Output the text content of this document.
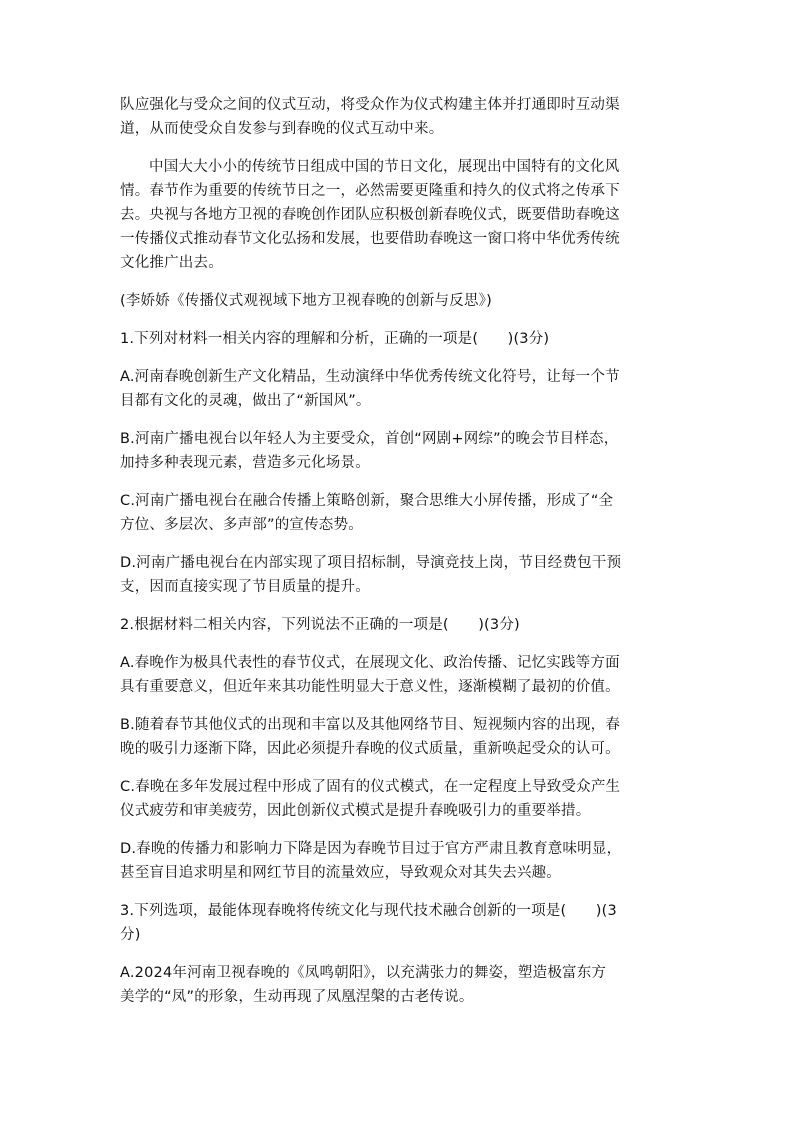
队应强化与受众之间的仪式互动，将受众作为仪式构建主体并打通即时互动渠
道，从而使受众自发参与到春晚的仪式互动中来。

中国大大小小的传统节日组成中国的节日文化，展现出中国特有的文化风
情。春节作为重要的传统节日之一，必然需要更隆重和持久的仪式将之传承下
去。央视与各地方卫视的春晚创作团队应积极创新春晚仪式，既要借助春晚这
一传播仪式推动春节文化弘扬和发展，也要借助春晚这一窗口将中华优秀传统
文化推广出去。

(李娇娇《传播仪式观视域下地方卫视春晚的创新与反思》)

1.下列对材料一相关内容的理解和分析，正确的一项是(　　)(3分)

A.河南春晚创新生产文化精品，生动演绎中华优秀传统文化符号，让每一个节
目都有文化的灵魂，做出了“新国风”。

B.河南广播电视台以年轻人为主要受众，首创“网剧+网综”的晚会节目样态，
加持多种表现元素，营造多元化场景。

C.河南广播电视台在融合传播上策略创新，聚合思维大小屏传播，形成了“全
方位、多层次、多声部”的宣传态势。

D.河南广播电视台在内部实现了项目招标制，导演竞技上岗，节目经费包干预
支，因而直接实现了节目质量的提升。

2.根据材料二相关内容，下列说法不正确的一项是(　　)(3分)

A.春晚作为极具代表性的春节仪式，在展现文化、政治传播、记忆实践等方面
具有重要意义，但近年来其功能性明显大于意义性，逐渐模糊了最初的价值。

B.随着春节其他仪式的出现和丰富以及其他网络节目、短视频内容的出现，春
晚的吸引力逐渐下降，因此必须提升春晚的仪式质量，重新唤起受众的认可。

C.春晚在多年发展过程中形成了固有的仪式模式，在一定程度上导致受众产生
仪式疲劳和审美疲劳，因此创新仪式模式是提升春晚吸引力的重要举措。

D.春晚的传播力和影响力下降是因为春晚节目过于官方严肃且教育意味明显，
甚至盲目追求明星和网红节目的流量效应，导致观众对其失去兴趣。

3.下列选项，最能体现春晚将传统文化与现代技术融合创新的一项是(　　)(3
分)

A.2024年河南卫视春晚的《凤鸣朝阳》，以充满张力的舞姿，塑造极富东方
美学的“凤”的形象，生动再现了凤凰涅槃的古老传说。
